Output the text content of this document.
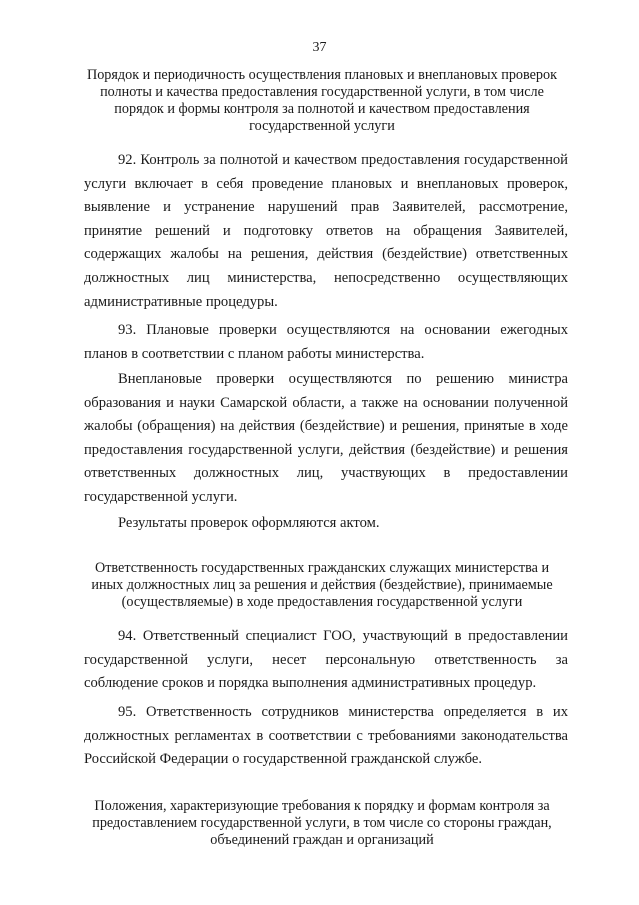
37
Порядок и периодичность осуществления плановых и внеплановых проверок полноты и качества предоставления государственной услуги, в том числе порядок и формы контроля за полнотой и качеством предоставления государственной услуги

92. Контроль за полнотой и качеством предоставления государственной услуги включает в себя проведение плановых и внеплановых проверок, выявление и устранение нарушений прав Заявителей, рассмотрение, принятие решений и подготовку ответов на обращения Заявителей, содержащих жалобы на решения, действия (бездействие) ответственных должностных лиц министерства, непосредственно осуществляющих административные процедуры.

93. Плановые проверки осуществляются на основании ежегодных планов в соответствии с планом работы министерства.

Внеплановые проверки осуществляются по решению министра образования и науки Самарской области, а также на основании полученной жалобы (обращения) на действия (бездействие) и решения, принятые в ходе предоставления государственной услуги, действия (бездействие) и решения ответственных должностных лиц, участвующих в предоставлении государственной услуги.

Результаты проверок оформляются актом.

Ответственность государственных гражданских служащих министерства и иных должностных лиц за решения и действия (бездействие), принимаемые (осуществляемые) в ходе предоставления государственной услуги

94. Ответственный специалист ГОО, участвующий в предоставлении государственной услуги, несет персональную ответственность за соблюдение сроков и порядка выполнения административных процедур.

95. Ответственность сотрудников министерства определяется в их должностных регламентах в соответствии с требованиями законодательства Российской Федерации о государственной гражданской службе.

Положения, характеризующие требования к порядку и формам контроля за предоставлением государственной услуги, в том числе со стороны граждан, объединений граждан и организаций
